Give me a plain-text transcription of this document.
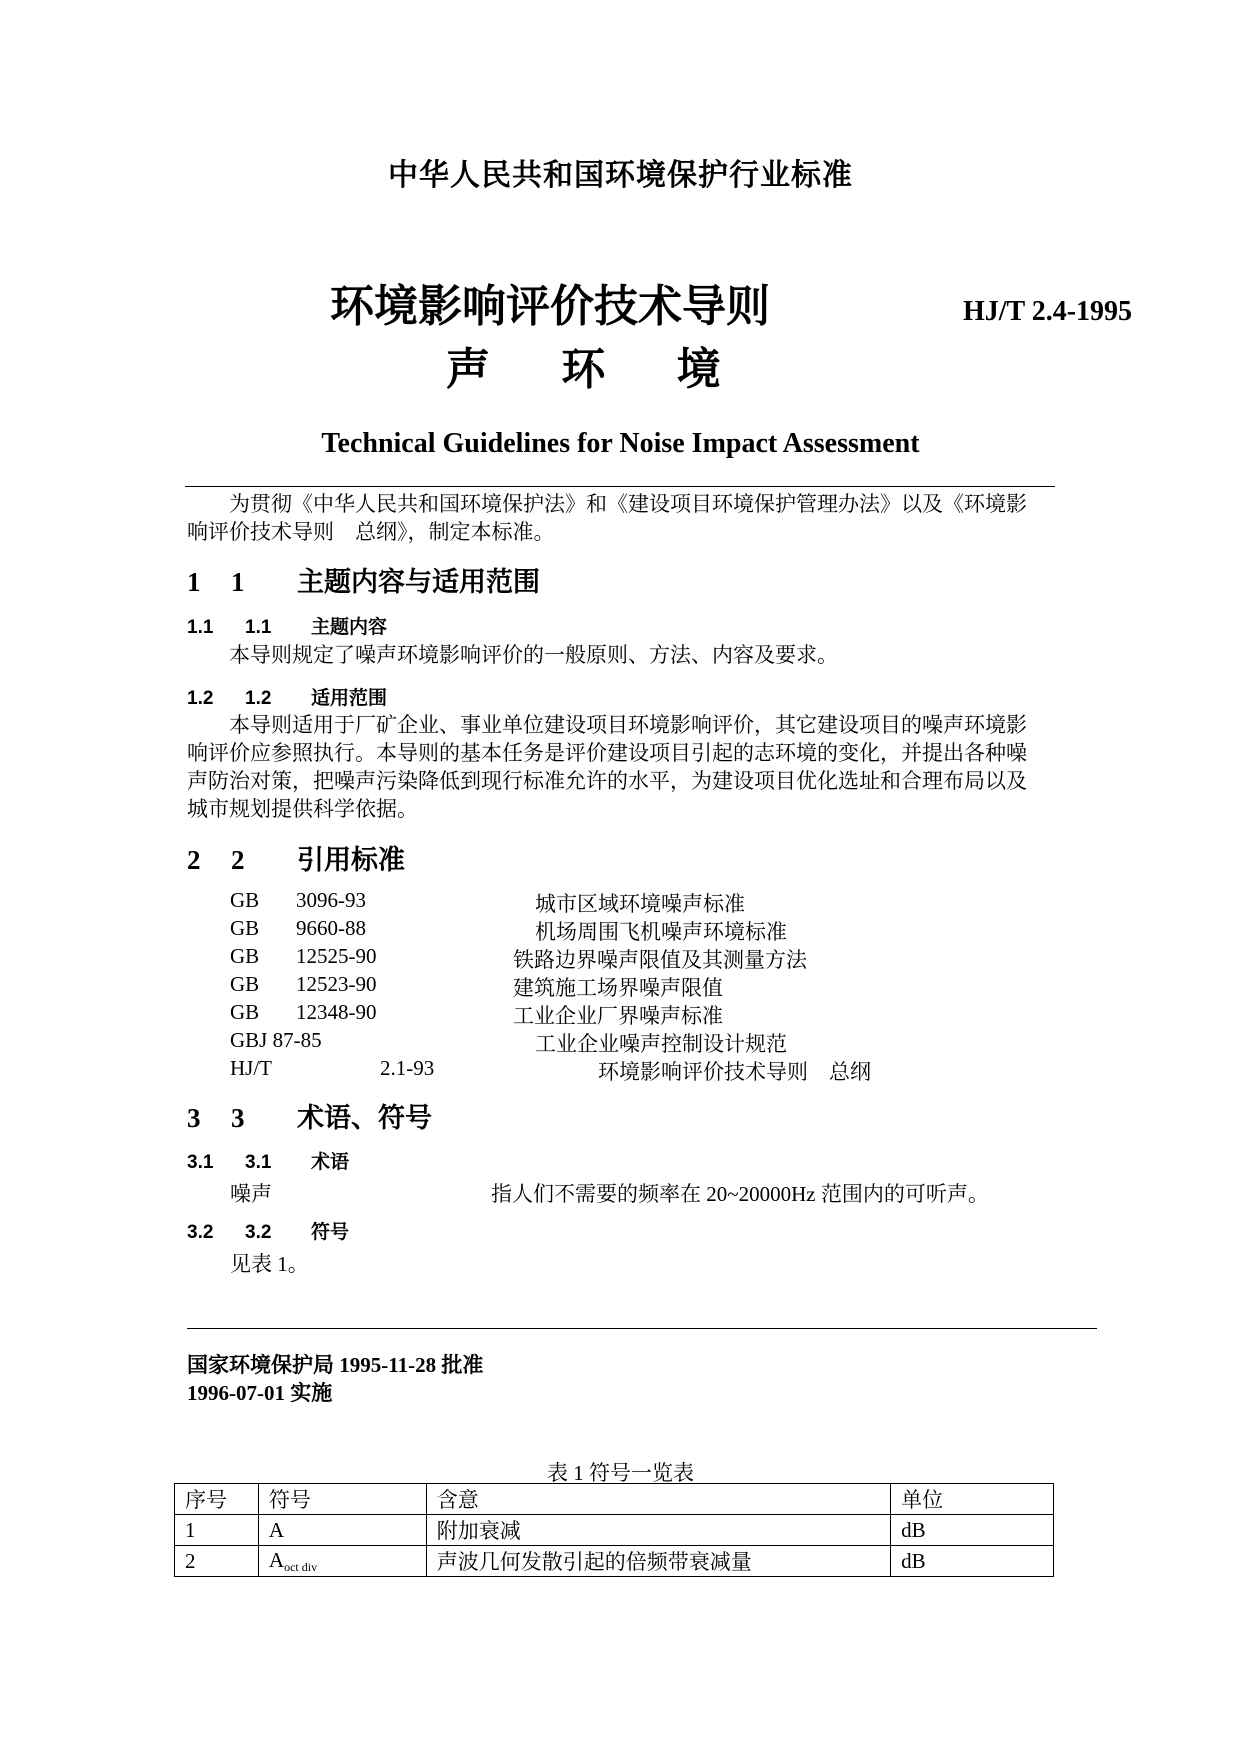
中华人民共和国环境保护行业标准
环境影响评价技术导则
声 环 境
HJ/T 2.4-1995
Technical Guidelines for Noise Impact Assessment
为贯彻《中华人民共和国环境保护法》和《建设项目环境保护管理办法》以及《环境影响评价技术导则　总纲》，制定本标准。
1 1 主题内容与适用范围
1.1 1.1 主题内容
本导则规定了噪声环境影响评价的一般原则、方法、内容及要求。
1.2 1.2 适用范围
本导则适用于厂矿企业、事业单位建设项目环境影响评价，其它建设项目的噪声环境影响评价应参照执行。本导则的基本任务是评价建设项目引起的志环境的变化，并提出各种噪声防治对策，把噪声污染降低到现行标准允许的水平，为建设项目优化选址和合理布局以及城市规划提供科学依据。
2 2 引用标准
GB 3096-93	城市区域环境噪声标准
GB 9660-88	机场周围飞机噪声环境标准
GB 12525-90	铁路边界噪声限值及其测量方法
GB 12523-90	建筑施工场界噪声限值
GB 12348-90	工业企业厂界噪声标准
GBJ 87-85	工业企业噪声控制设计规范
HJ/T	2.1-93	环境影响评价技术导则　总纲
3 3 术语、符号
3.1 3.1 术语
噪声	指人们不需要的频率在 20~20000Hz 范围内的可听声。
3.2 3.2 符号
见表 1。
国家环境保护局 1995-11-28 批准
1996-07-01 实施
表 1 符号一览表
序号	符号	含意	单位
1	A	附加衰减	dB
2	$A_{oct div}$	声波几何发散引起的倍频带衰减量	dB
